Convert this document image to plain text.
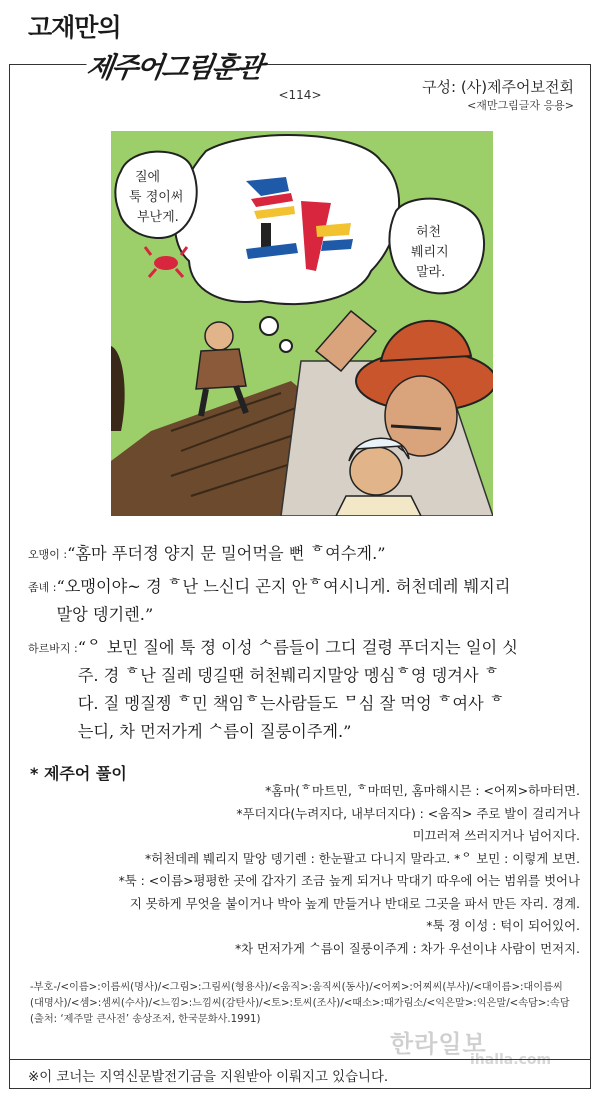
고재만의
제주어그림훈관
<114>	구성: (사)제주어보전회
<재만그림글자 응용>
질에
툭 졍이써
부난게.
허천
붸리지
말라.
독가
오맹이 : “홈마 푸더졍 양지 문 밀어먹을 뻔 ᄒ여수게.”
좀녜 : “오맹이야~ 경 ᄒ난 느신디 곤지 안ᄒ여시니게. 허천데레 붸지리
말앙 뎅기렌.”
하르바지 : “ᄋ 보민 질에 툭 졍 이성 ᄉ름들이 그디 걸령 푸더지는 일이 싯
주. 경 ᄒ난 질레 뎅길땐 허천붸리지말앙 멩심ᄒ영 뎅겨사 ᄒ
다. 질 멩질젱 ᄒ민 책임ᄒ는사람들도 ᄆ심 잘 먹엉 ᄒ여사 ᄒ
는디, 차 먼저가게 ᄉ름이 질룽이주게.”
* 제주어 풀이
*홈마(ᄒ마트민, ᄒ마떠민, 홈마해시믄 : <어찌>하마터면.
*푸더지다(누려지다, 내부더지다) : <움직> 주로 발이 걸리거나
미끄러져 쓰러지거나 넘어지다.
*허천데레 붸리지 말앙 뎅기렌 : 한눈팔고 다니지 말라고. *ᄋ 보민 : 이렇게 보면.
*툭 : <이름>평평한 곳에 갑자기 조금 높게 되거나 막대기 따우에 어는 범위를 벗어나
지 못하게 무엇을 붙이거나 박아 높게 만들거나 반대로 그곳을 파서 만든 자리. 경계.
*툭 졍 이성 : 턱이 되어있어.
*차 먼저가게 ᄉ름이 질룽이주게 : 차가 우선이냐 사람이 먼저지.
-부호-/<이름>:이름씨(명사)/<그림>:그림씨(형용사)/<움직>:움직씨(동사)/<어찌>:어찌씨(부사)/<대이름>:대이름씨(대명사)/<셈>:셈씨(수사)/<느낌>:느낌씨(감탄사)/<토>:토씨(조사)/<때소>:때가림소/<익은말>:익은말/<속담>:속담 (출처: ‘제주말 큰사전’ 송상조저, 한국문화사.1991)
한라일보
ihalla.com
※이 코너는 지역신문발전기금을 지원받아 이뤄지고 있습니다.
